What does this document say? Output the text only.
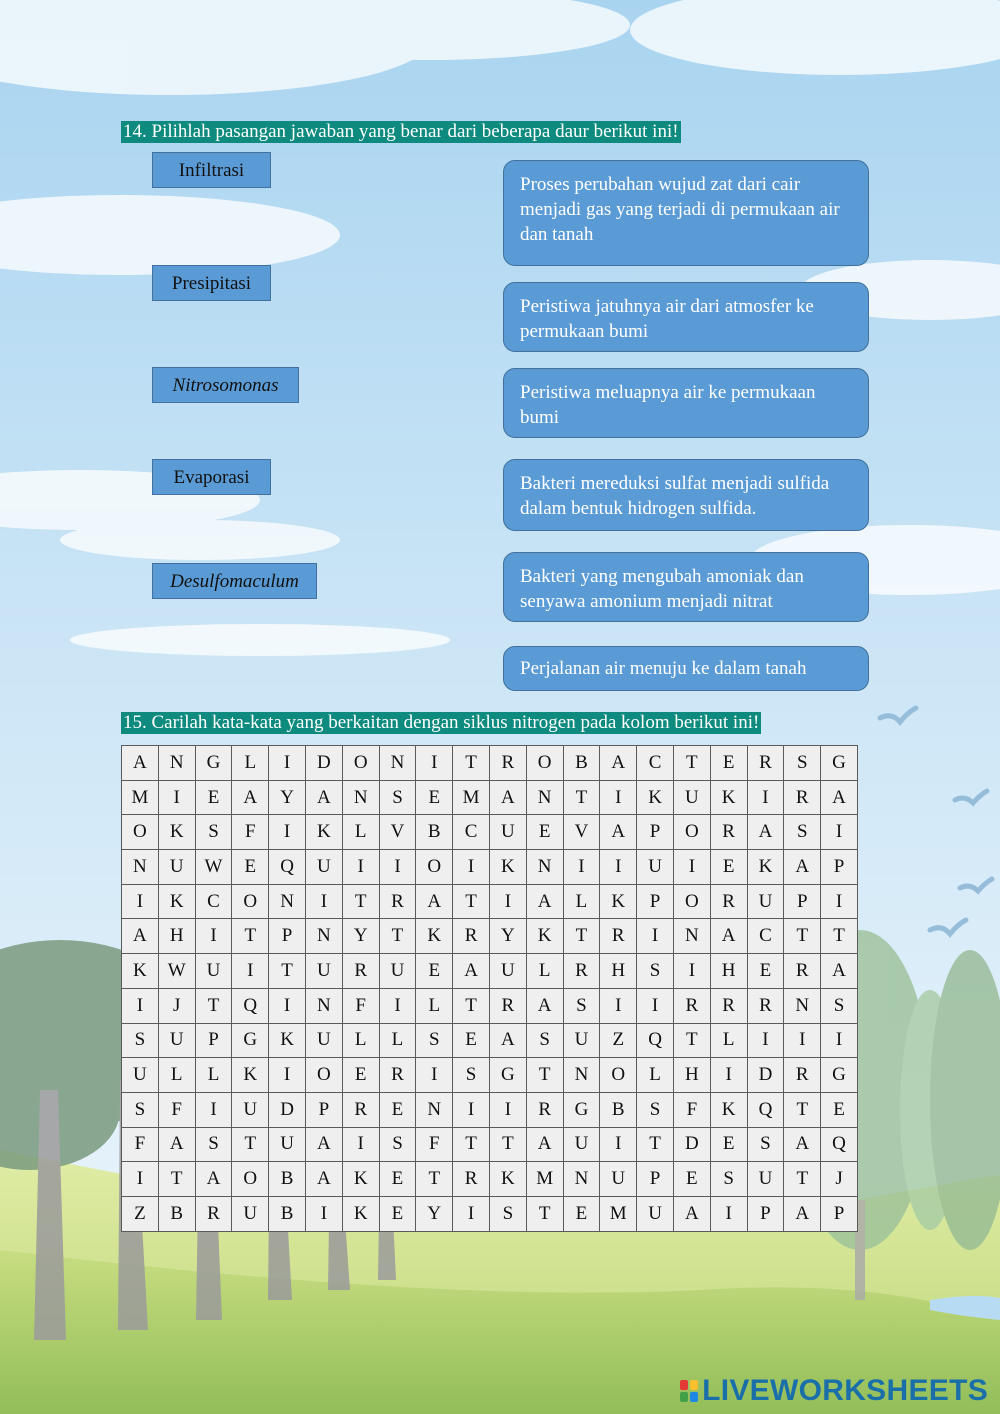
14. Pilihlah pasangan jawaban yang benar dari beberapa daur berikut ini!
Infiltrasi
Presipitasi
Nitrosomonas
Evaporasi
Desulfomaculum
Proses perubahan wujud zat dari cair menjadi gas yang terjadi di permukaan air dan tanah
Peristiwa jatuhnya air dari atmosfer ke permukaan bumi
Peristiwa meluapnya air ke permukaan bumi
Bakteri mereduksi sulfat menjadi sulfida dalam bentuk hidrogen sulfida.
Bakteri yang mengubah amoniak dan senyawa amonium menjadi nitrat
Perjalanan air menuju ke dalam tanah
15. Carilah kata-kata yang berkaitan dengan siklus nitrogen pada kolom berikut ini!
A	N	G	L	I	D	O	N	I	T	R	O	B	A	C	T	E	R	S	G
M	I	E	A	Y	A	N	S	E	M	A	N	T	I	K	U	K	I	R	A
O	K	S	F	I	K	L	V	B	C	U	E	V	A	P	O	R	A	S	I
N	U	W	E	Q	U	I	I	O	I	K	N	I	I	U	I	E	K	A	P
I	K	C	O	N	I	T	R	A	T	I	A	L	K	P	O	R	U	P	I
A	H	I	T	P	N	Y	T	K	R	Y	K	T	R	I	N	A	C	T	T
K	W	U	I	T	U	R	U	E	A	U	L	R	H	S	I	H	E	R	A
I	J	T	Q	I	N	F	I	L	T	R	A	S	I	I	R	R	R	N	S
S	U	P	G	K	U	L	L	S	E	A	S	U	Z	Q	T	L	I	I	I
U	L	L	K	I	O	E	R	I	S	G	T	N	O	L	H	I	D	R	G
S	F	I	U	D	P	R	E	N	I	I	R	G	B	S	F	K	Q	T	E
F	A	S	T	U	A	I	S	F	T	T	A	U	I	T	D	E	S	A	Q
I	T	A	O	B	A	K	E	T	R	K	M	N	U	P	E	S	U	T	J
Z	B	R	U	B	I	K	E	Y	I	S	T	E	M	U	A	I	P	A	P
LIVEWORKSHEETS
